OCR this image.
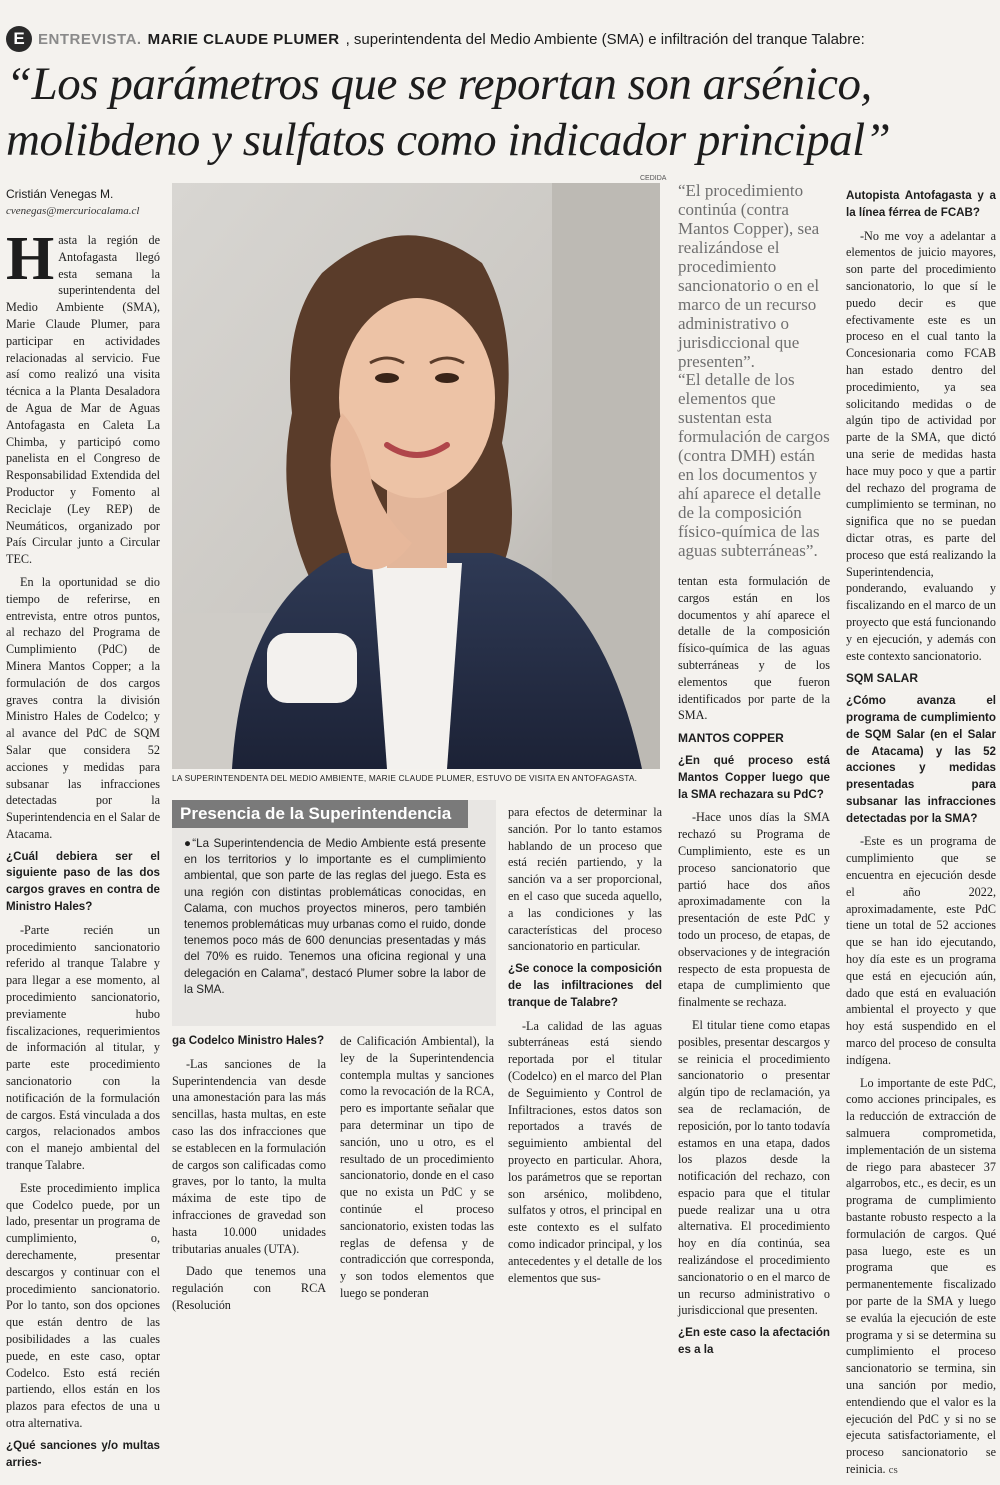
E ENTREVISTA. MARIE CLAUDE PLUMER , superintendenta del Medio Ambiente (SMA) e infiltración del tranque Talabre:
“Los parámetros que se reportan son arsénico, molibdeno y sulfatos como indicador principal”
Cristián Venegas M.
cvenegas@mercuriocalama.cl

Hasta la región de Antofagasta llegó esta semana la superintendenta del Medio Ambiente (SMA), Marie Claude Plumer, para participar en actividades relacionadas al servicio. Fue así como realizó una visita técnica a la Planta Desaladora de Agua de Mar de Aguas Antofagasta en Caleta La Chimba, y participó como panelista en el Congreso de Responsabilidad Extendida del Productor y Fomento al Reciclaje (Ley REP) de Neumáticos, organizado por País Circular junto a Circular TEC.

En la oportunidad se dio tiempo de referirse, en entrevista, entre otros puntos, al rechazo del Programa de Cumplimiento (PdC) de Minera Mantos Copper; a la formulación de dos cargos graves contra la división Ministro Hales de Codelco; y al avance del PdC de SQM Salar que considera 52 acciones y medidas para subsanar las infracciones detectadas por la Superintendencia en el Salar de Atacama.

¿Cuál debiera ser el siguiente paso de las dos cargos graves en contra de Ministro Hales?

-Parte recién un procedimiento sancionatorio referido al tranque Talabre y para llegar a ese momento, al procedimiento sancionatorio, previamente hubo fiscalizaciones, requerimientos de información al titular, y parte este procedimiento sancionatorio con la notificación de la formulación de cargos. Está vinculada a dos cargos, relacionados ambos con el manejo ambiental del tranque Talabre.

Este procedimiento implica que Codelco puede, por un lado, presentar un programa de cumplimiento, o, derechamente, presentar descargos y continuar con el procedimiento sancionatorio. Por lo tanto, son dos opciones que están dentro de las posibilidades a las cuales puede, en este caso, optar Codelco. Esto está recién partiendo, ellos están en los plazos para efectos de una u otra alternativa.

¿Qué sanciones y/o multas arries-

CEDIDA
LA SUPERINTENDENTA DEL MEDIO AMBIENTE, MARIE CLAUDE PLUMER, ESTUVO DE VISITA EN ANTOFAGASTA.
Presencia de la Superintendencia
●“La Superintendencia de Medio Ambiente está presente en los territorios y lo importante es el cumplimiento ambiental, que son parte de las reglas del juego. Esta es una región con distintas problemáticas conocidas, en Calama, con muchos proyectos mineros, pero también tenemos problemáticas muy urbanas como el ruido, donde tenemos poco más de 600 denuncias presentadas y más del 70% es ruido. Tenemos una oficina regional y una delegación en Calama”, destacó Plumer sobre la labor de la SMA.

ga Codelco Ministro Hales?

-Las sanciones de la Superintendencia van desde una amonestación para las más sencillas, hasta multas, en este caso las dos infracciones que se establecen en la formulación de cargos son calificadas como graves, por lo tanto, la multa máxima de este tipo de infracciones de gravedad son hasta 10.000 unidades tributarias anuales (UTA).

Dado que tenemos una regulación con RCA (Resolución

de Calificación Ambiental), la ley de la Superintendencia contempla multas y sanciones como la revocación de la RCA, pero es importante señalar que para determinar un tipo de sanción, uno u otro, es el resultado de un procedimiento sancionatorio, donde en el caso que no exista un PdC y se continúe el proceso sancionatorio, existen todas las reglas de defensa y de contradicción que corresponda, y son todos elementos que luego se ponderan

para efectos de determinar la sanción. Por lo tanto estamos hablando de un proceso que está recién partiendo, y la sanción va a ser proporcional, en el caso que suceda aquello, a las condiciones y las características del proceso sancionatorio en particular.

¿Se conoce la composición de las infiltraciones del tranque de Talabre?

-La calidad de las aguas subterráneas está siendo reportada por el titular (Codelco) en el marco del Plan de Seguimiento y Control de Infiltraciones, estos datos son reportados a través de seguimiento ambiental del proyecto en particular. Ahora, los parámetros que se reportan son arsénico, molibdeno, sulfatos y otros, el principal en este contexto es el sulfato como indicador principal, y los antecedentes y el detalle de los elementos que sus-

“El procedimiento continúa (contra Mantos Copper), sea realizándose el procedimiento sancionatorio o en el marco de un recurso administrativo o jurisdiccional que presenten”.
“El detalle de los elementos que sustentan esta formulación de cargos (contra DMH) están en los documentos y ahí aparece el detalle de la composición físico-química de las aguas subterráneas”.

tentan esta formulación de cargos están en los documentos y ahí aparece el detalle de la composición físico-química de las aguas subterráneas y de los elementos que fueron identificados por parte de la SMA.

MANTOS COPPER

¿En qué proceso está Mantos Copper luego que la SMA rechazara su PdC?

-Hace unos días la SMA rechazó su Programa de Cumplimiento, este es un proceso sancionatorio que partió hace dos años aproximadamente con la presentación de este PdC y todo un proceso, de etapas, de observaciones y de integración respecto de esta propuesta de etapa de cumplimiento que finalmente se rechaza.

El titular tiene como etapas posibles, presentar descargos y se reinicia el procedimiento sancionatorio o presentar algún tipo de reclamación, ya sea de reclamación, de reposición, por lo tanto todavía estamos en una etapa, dados los plazos desde la notificación del rechazo, con espacio para que el titular puede realizar una u otra alternativa. El procedimiento hoy en día continúa, sea realizándose el procedimiento sancionatorio o en el marco de un recurso administrativo o jurisdiccional que presenten.

¿En este caso la afectación es a la

Autopista Antofagasta y a la línea férrea de FCAB?

-No me voy a adelantar a elementos de juicio mayores, son parte del procedimiento sancionatorio, lo que sí le puedo decir es que efectivamente este es un proceso en el cual tanto la Concesionaria como FCAB han estado dentro del procedimiento, ya sea solicitando medidas o de algún tipo de actividad por parte de la SMA, que dictó una serie de medidas hasta hace muy poco y que a partir del rechazo del programa de cumplimiento se terminan, no significa que no se puedan dictar otras, es parte del proceso que está realizando la Superintendencia, ponderando, evaluando y fiscalizando en el marco de un proyecto que está funcionando y en ejecución, y además con este contexto sancionatorio.

SQM SALAR

¿Cómo avanza el programa de cumplimiento de SQM Salar (en el Salar de Atacama) y las 52 acciones y medidas presentadas para subsanar las infracciones detectadas por la SMA?

-Este es un programa de cumplimiento que se encuentra en ejecución desde el año 2022, aproximadamente, este PdC tiene un total de 52 acciones que se han ido ejecutando, hoy día este es un programa que está en ejecución aún, dado que está en evaluación ambiental el proyecto y que hoy está suspendido en el marco del proceso de consulta indígena.

Lo importante de este PdC, como acciones principales, es la reducción de extracción de salmuera comprometida, implementación de un sistema de riego para abastecer 37 algarrobos, etc., es decir, es un programa de cumplimiento bastante robusto respecto a la formulación de cargos. Qué pasa luego, este es un programa que es permanentemente fiscalizado por parte de la SMA y luego se evalúa la ejecución de este programa y si se determina su cumplimiento el proceso sancionatorio se termina, sin una sanción por medio, entendiendo que el valor es la ejecución del PdC y si no se ejecuta satisfactoriamente, el proceso sancionatorio se reinicia. cs
